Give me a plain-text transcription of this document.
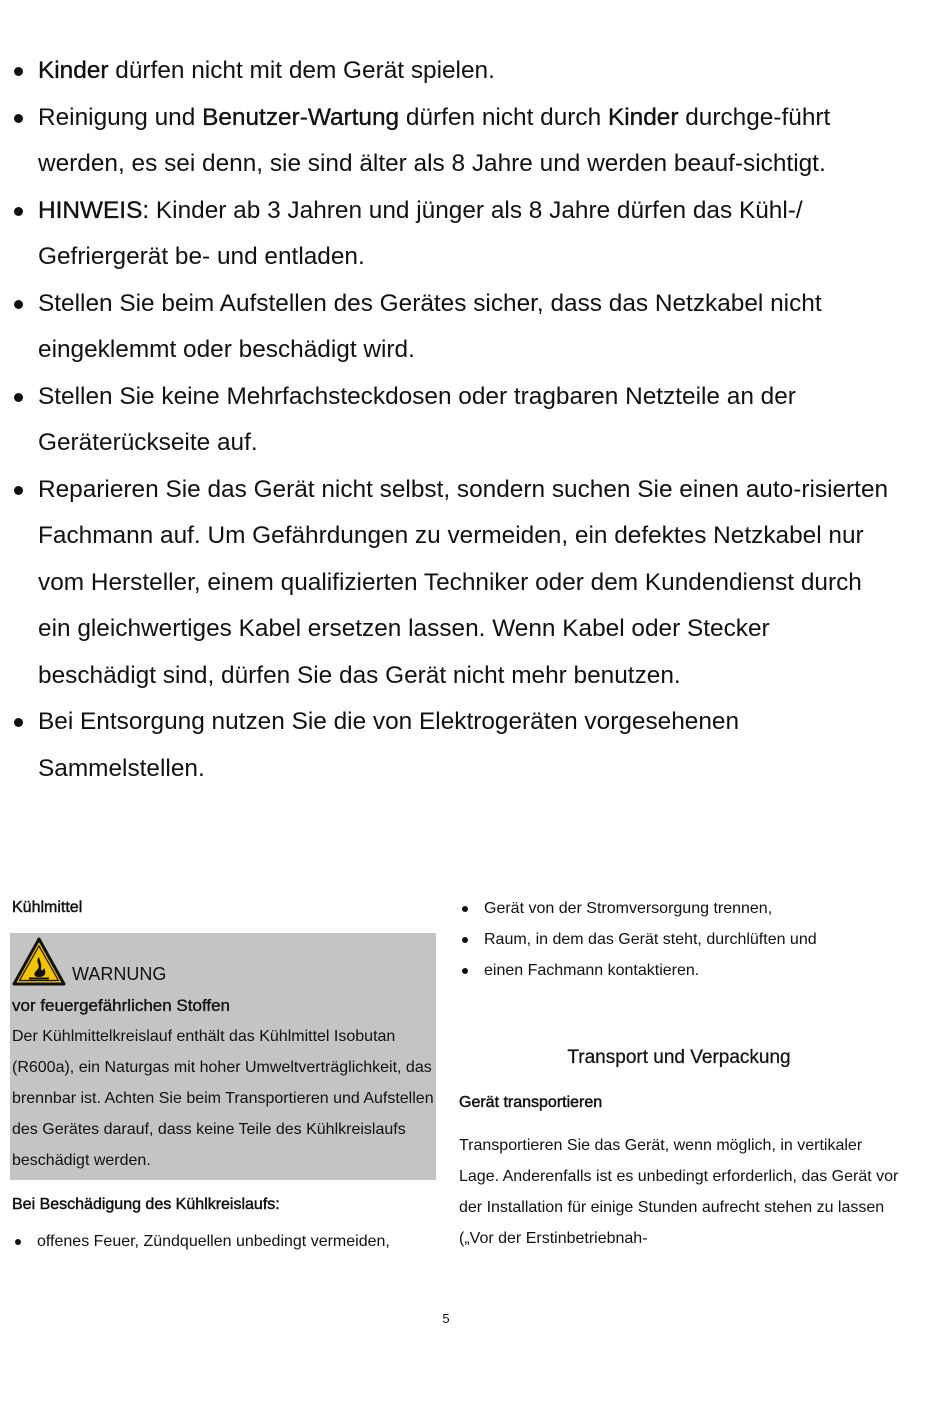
Kinder dürfen nicht mit dem Gerät spielen.
Reinigung und Benutzer-Wartung dürfen nicht durch Kinder durchge-führt werden, es sei denn, sie sind älter als 8 Jahre und werden beauf-sichtigt.
HINWEIS: Kinder ab 3 Jahren und jünger als 8 Jahre dürfen das Kühl-/ Gefriergerät be- und entladen.
Stellen Sie beim Aufstellen des Gerätes sicher, dass das Netzkabel nicht eingeklemmt oder beschädigt wird.
Stellen Sie keine Mehrfachsteckdosen oder tragbaren Netzteile an der Geräterückseite auf.
Reparieren Sie das Gerät nicht selbst, sondern suchen Sie einen auto-risierten Fachmann auf. Um Gefährdungen zu vermeiden, ein defektes Netzkabel nur vom Hersteller, einem qualifizierten Techniker oder dem Kundendienst durch ein gleichwertiges Kabel ersetzen lassen. Wenn Kabel oder Stecker beschädigt sind, dürfen Sie das Gerät nicht mehr benutzen.
Bei Entsorgung nutzen Sie die von Elektrogeräten vorgesehenen Sammelstellen.
Kühlmittel
WARNUNG
vor feuergefährlichen Stoffen
Der Kühlmittelkreislauf enthält das Kühlmittel Isobutan (R600a), ein Naturgas mit hoher Umweltverträglichkeit, das brennbar ist. Achten Sie beim Transportieren und Aufstellen des Gerätes darauf, dass keine Teile des Kühlkreislaufs beschädigt werden.
Bei Beschädigung des Kühlkreislaufs:
offenes Feuer, Zündquellen unbedingt vermeiden,
Gerät von der Stromversorgung trennen,
Raum, in dem das Gerät steht, durchlüften und
einen Fachmann kontaktieren.
Transport und Verpackung
Gerät transportieren
Transportieren Sie das Gerät, wenn möglich, in vertikaler Lage. Anderenfalls ist es unbedingt erforderlich, das Gerät vor der Installation für einige Stunden aufrecht stehen zu lassen („Vor der Erstinbetriebnah-
5
